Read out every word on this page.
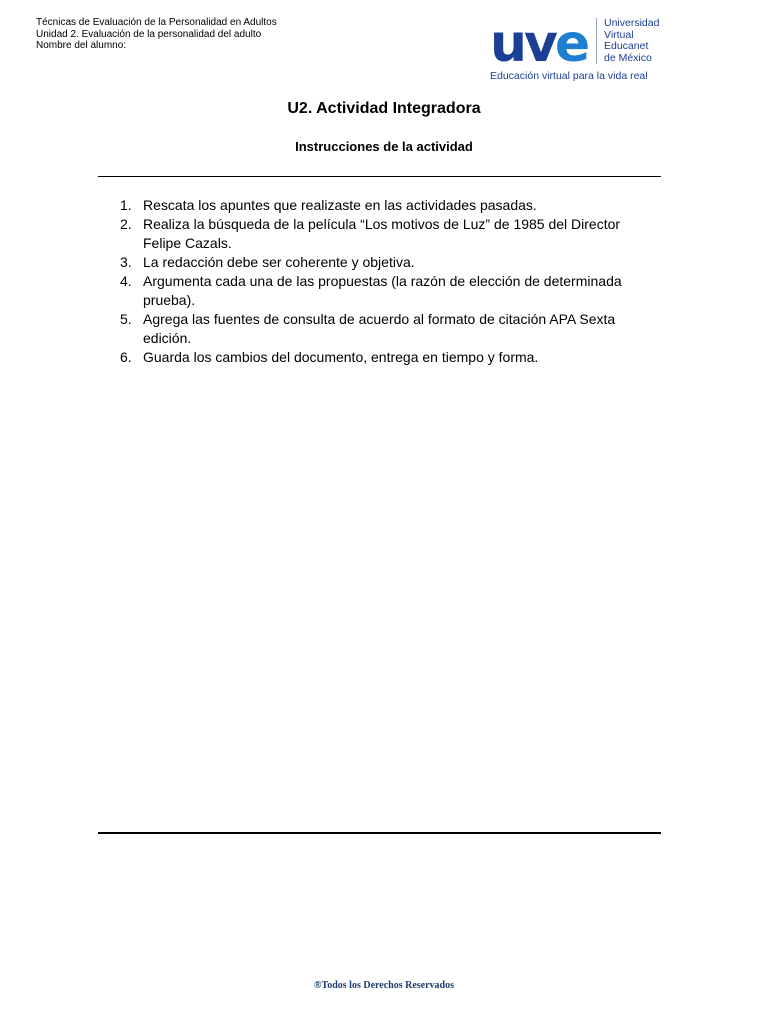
Técnicas de Evaluación de la Personalidad en Adultos
Unidad 2. Evaluación de la personalidad del adulto
Nombre del alumno:	uve Universidad
Virtual
Educanet
de México
Educación virtual para la vida real
U2. Actividad Integradora
Instrucciones de la actividad
1. Rescata los apuntes que realizaste en las actividades pasadas.
2. Realiza la búsqueda de la película “Los motivos de Luz” de 1985 del Director Felipe Cazals.
3. La redacción debe ser coherente y objetiva.
4. Argumenta cada una de las propuestas (la razón de elección de determinada prueba).
5. Agrega las fuentes de consulta de acuerdo al formato de citación APA Sexta edición.
6. Guarda los cambios del documento, entrega en tiempo y forma.
®Todos los Derechos Reservados
